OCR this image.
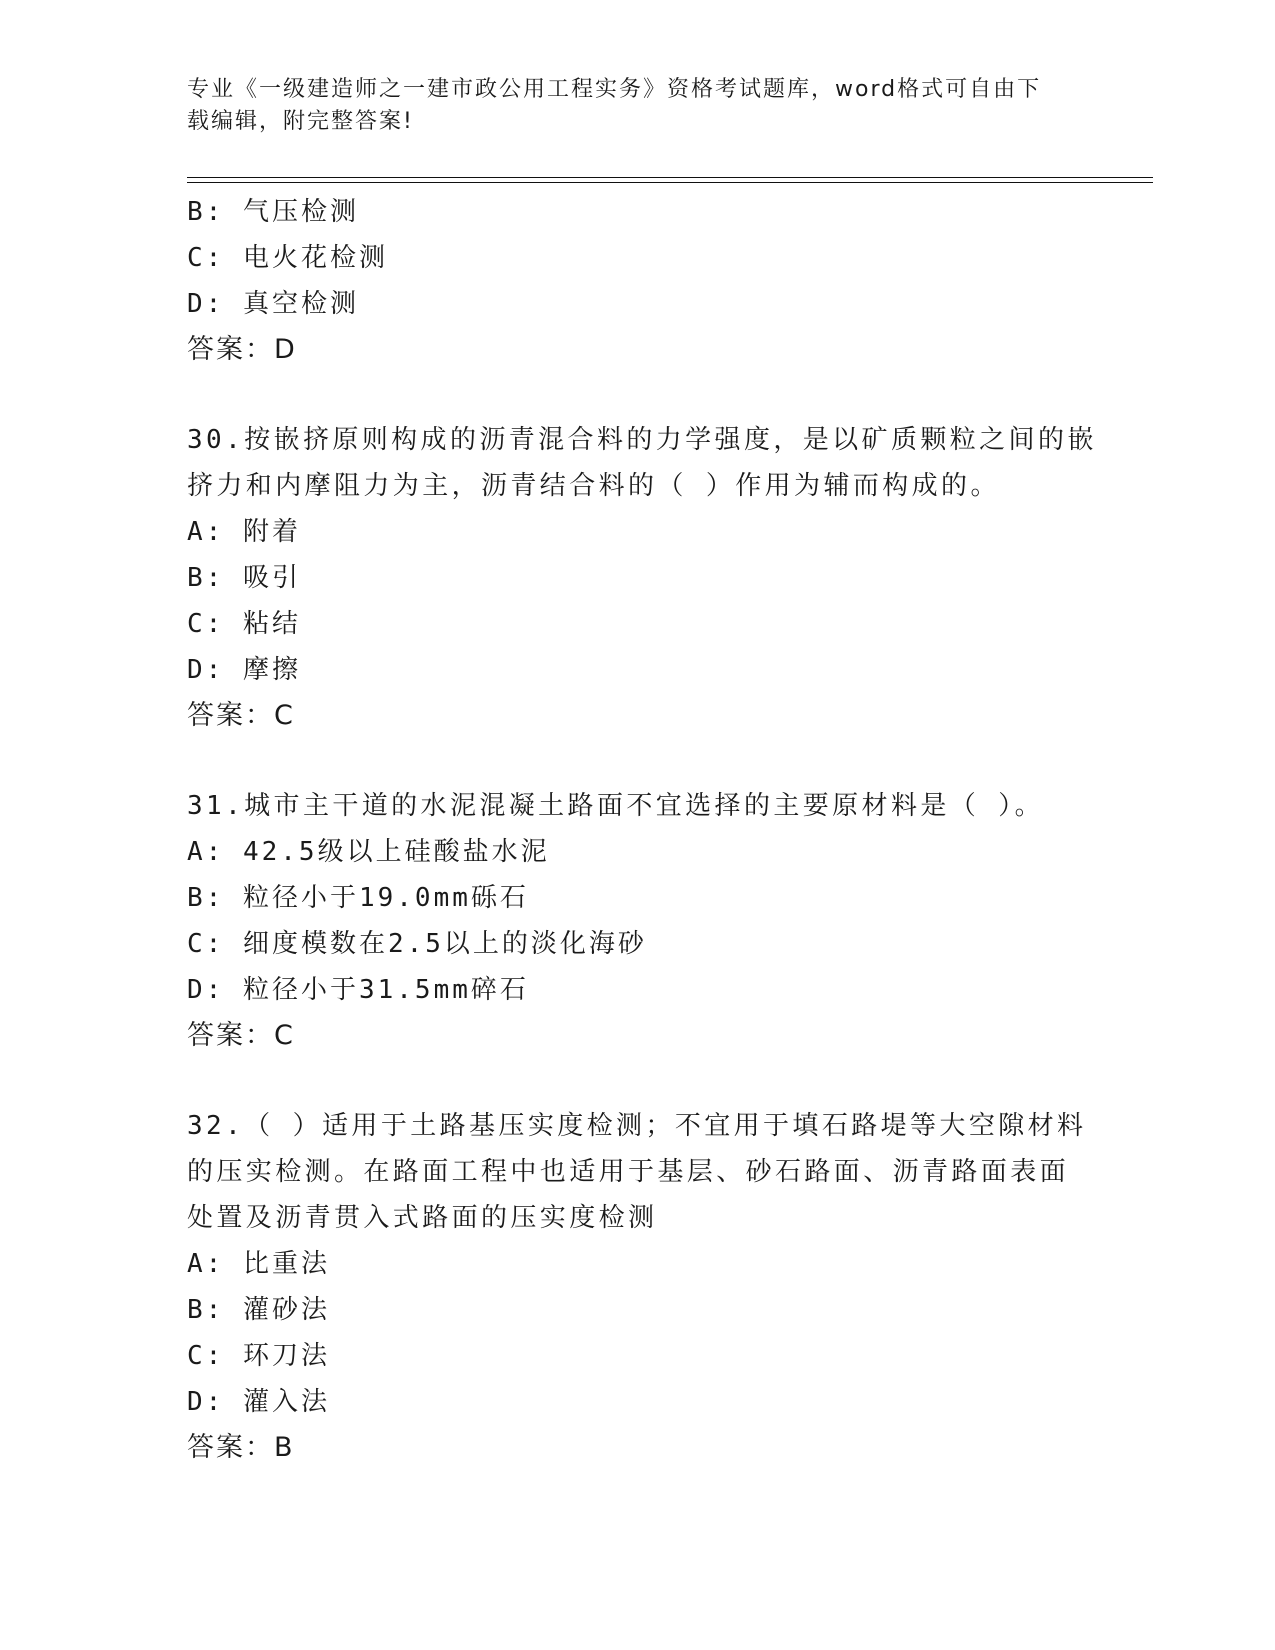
专业《一级建造师之一建市政公用工程实务》资格考试题库，word格式可自由下
载编辑，附完整答案!
B: 气压检测
C: 电火花检测
D: 真空检测
答案：D
30.按嵌挤原则构成的沥青混合料的力学强度，是以矿质颗粒之间的嵌
挤力和内摩阻力为主，沥青结合料的（ ）作用为辅而构成的。
A: 附着
B: 吸引
C: 粘结
D: 摩擦
答案：C
31.城市主干道的水泥混凝土路面不宜选择的主要原材料是（ ）。
A: 42.5级以上硅酸盐水泥
B: 粒径小于19.0mm砾石
C: 细度模数在2.5以上的淡化海砂
D: 粒径小于31.5mm碎石
答案：C
32.（ ）适用于土路基压实度检测；不宜用于填石路堤等大空隙材料
的压实检测。在路面工程中也适用于基层、砂石路面、沥青路面表面
处置及沥青贯入式路面的压实度检测
A: 比重法
B: 灌砂法
C: 环刀法
D: 灌入法
答案：B
